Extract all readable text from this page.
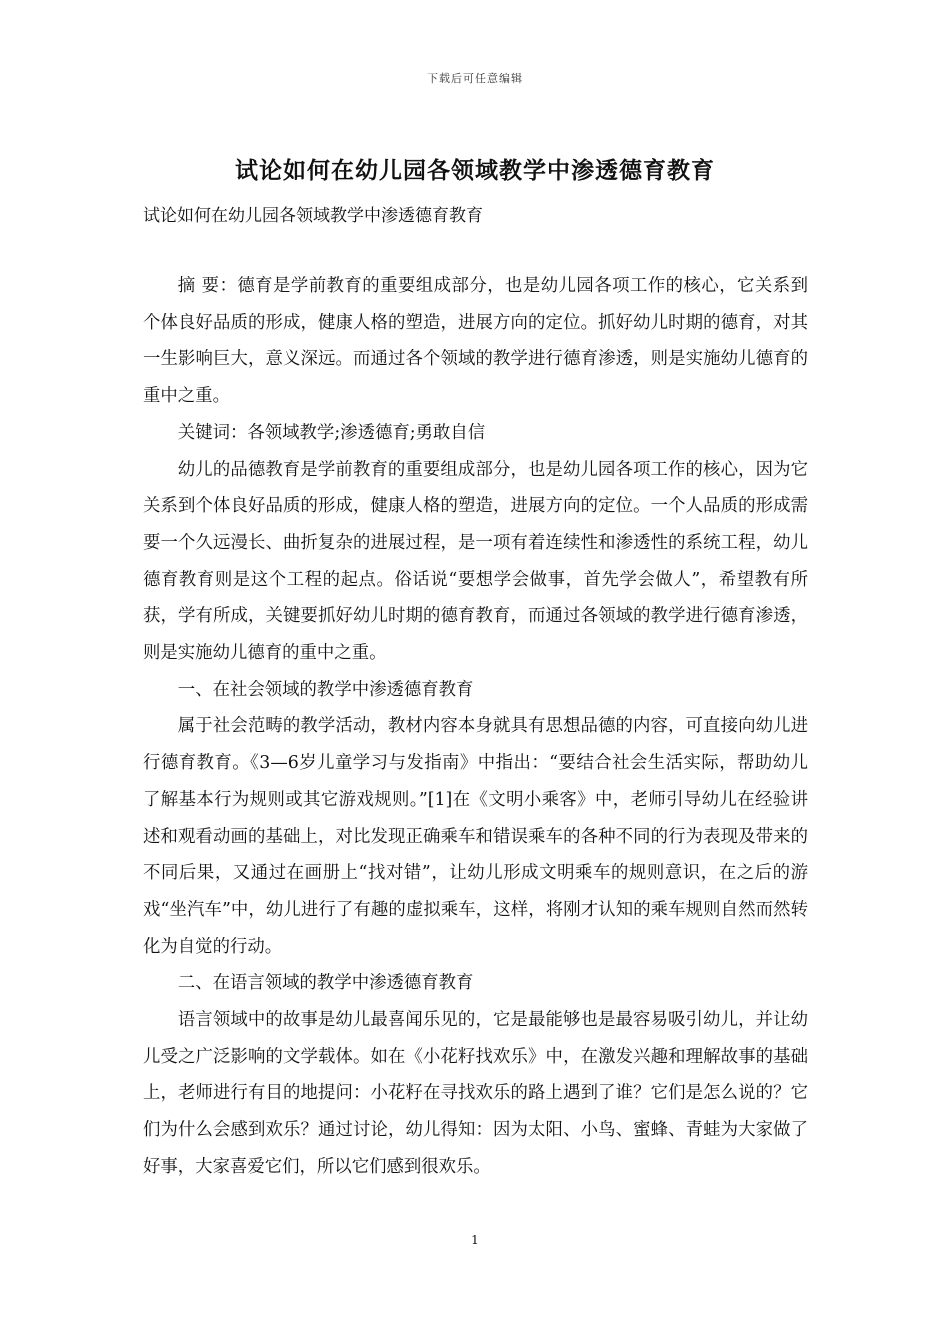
下载后可任意编辑
试论如何在幼儿园各领域教学中渗透德育教育
试论如何在幼儿园各领域教学中渗透德育教育

摘 要：德育是学前教育的重要组成部分，也是幼儿园各项工作的核心，它关系到个体良好品质的形成，健康人格的塑造，进展方向的定位。抓好幼儿时期的德育，对其一生影响巨大，意义深远。而通过各个领域的教学进行德育渗透，则是实施幼儿德育的重中之重。

关键词：各领域教学;渗透德育;勇敢自信

幼儿的品德教育是学前教育的重要组成部分，也是幼儿园各项工作的核心，因为它关系到个体良好品质的形成，健康人格的塑造，进展方向的定位。一个人品质的形成需要一个久远漫长、曲折复杂的进展过程，是一项有着连续性和渗透性的系统工程，幼儿德育教育则是这个工程的起点。俗话说“要想学会做事，首先学会做人”，希望教有所获，学有所成，关键要抓好幼儿时期的德育教育，而通过各领域的教学进行德育渗透，则是实施幼儿德育的重中之重。

一、在社会领域的教学中渗透德育教育

属于社会范畴的教学活动，教材内容本身就具有思想品德的内容，可直接向幼儿进行德育教育。《3—6岁儿童学习与发指南》中指出：“要结合社会生活实际，帮助幼儿了解基本行为规则或其它游戏规则。”[1]在《文明小乘客》中，老师引导幼儿在经验讲述和观看动画的基础上，对比发现正确乘车和错误乘车的各种不同的行为表现及带来的不同后果，又通过在画册上“找对错”，让幼儿形成文明乘车的规则意识，在之后的游戏“坐汽车”中，幼儿进行了有趣的虚拟乘车，这样，将刚才认知的乘车规则自然而然转化为自觉的行动。

二、在语言领域的教学中渗透德育教育

语言领域中的故事是幼儿最喜闻乐见的，它是最能够也是最容易吸引幼儿，并让幼儿受之广泛影响的文学载体。如在《小花籽找欢乐》中，在激发兴趣和理解故事的基础上，老师进行有目的地提问：小花籽在寻找欢乐的路上遇到了谁？它们是怎么说的？它们为什么会感到欢乐？通过讨论，幼儿得知：因为太阳、小鸟、蜜蜂、青蛙为大家做了好事，大家喜爱它们，所以它们感到很欢乐。

1
